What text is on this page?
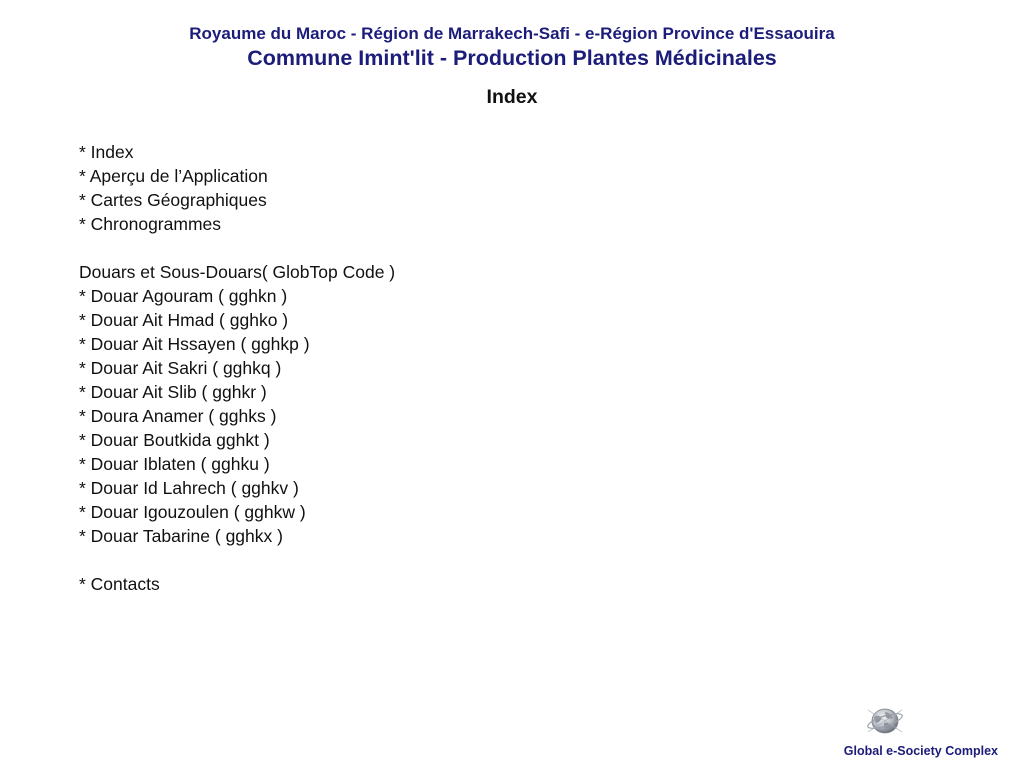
Royaume du Maroc - Région de Marrakech-Safi - e-Région Province d'Essaouira
Commune Imint'lit - Production Plantes Médicinales
Index
* Index
* Aperçu de l’Application
* Cartes Géographiques
* Chronogrammes
Douars et Sous-Douars( GlobTop Code )
* Douar Agouram ( gghkn )
* Douar Ait Hmad ( gghko )
* Douar Ait Hssayen ( gghkp )
* Douar Ait Sakri ( gghkq )
* Douar Ait Slib ( gghkr )
* Doura Anamer ( gghks )
* Douar Boutkida gghkt )
* Douar Iblaten ( gghku )
* Douar Id Lahrech ( gghkv )
* Douar Igouzoulen ( gghkw )
* Douar Tabarine ( gghkx )
* Contacts
Global e-Society Complex
